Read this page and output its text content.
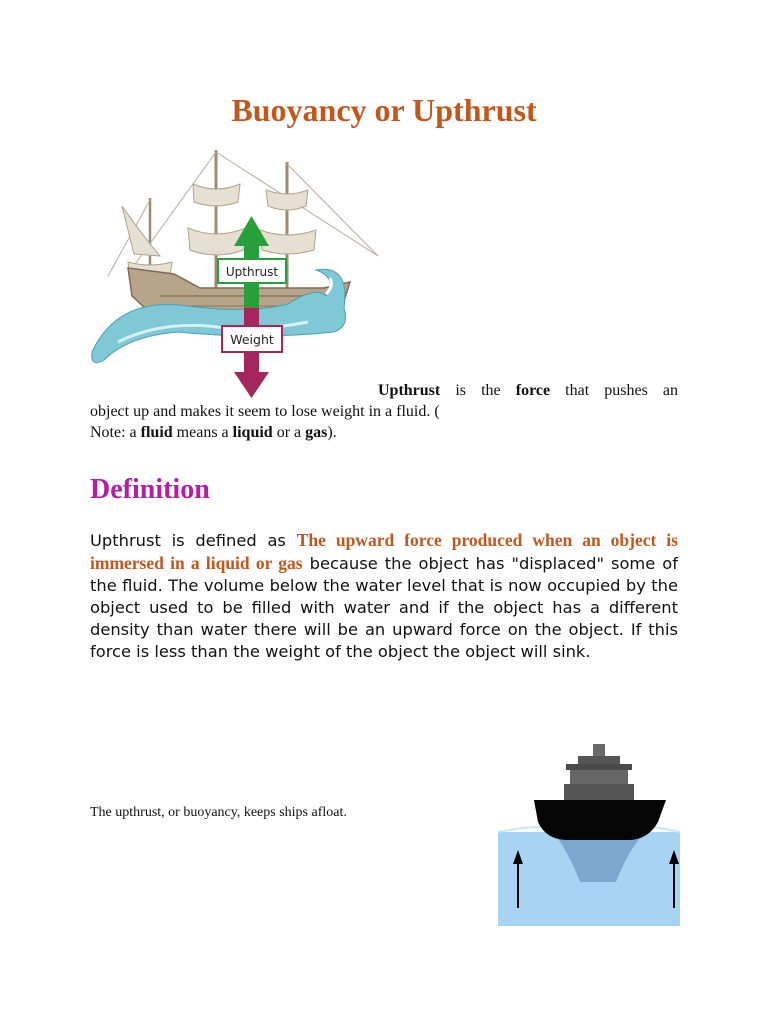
Buoyancy or Upthrust
Upthrust
Weight

Upthrust is the force that pushes an
object up and makes it seem to lose weight in a fluid. (
Note: a fluid means a liquid or a gas).

Definition

Upthrust is defined as The upward force produced when an object is immersed in a liquid or gas because the object has "displaced" some of the fluid. The volume below the water level that is now occupied by the object used to be filled with water and if the object has a different density than water there will be an upward force on the object. If this force is less than the weight of the object the object will sink.

The upthrust, or buoyancy, keeps ships afloat.
